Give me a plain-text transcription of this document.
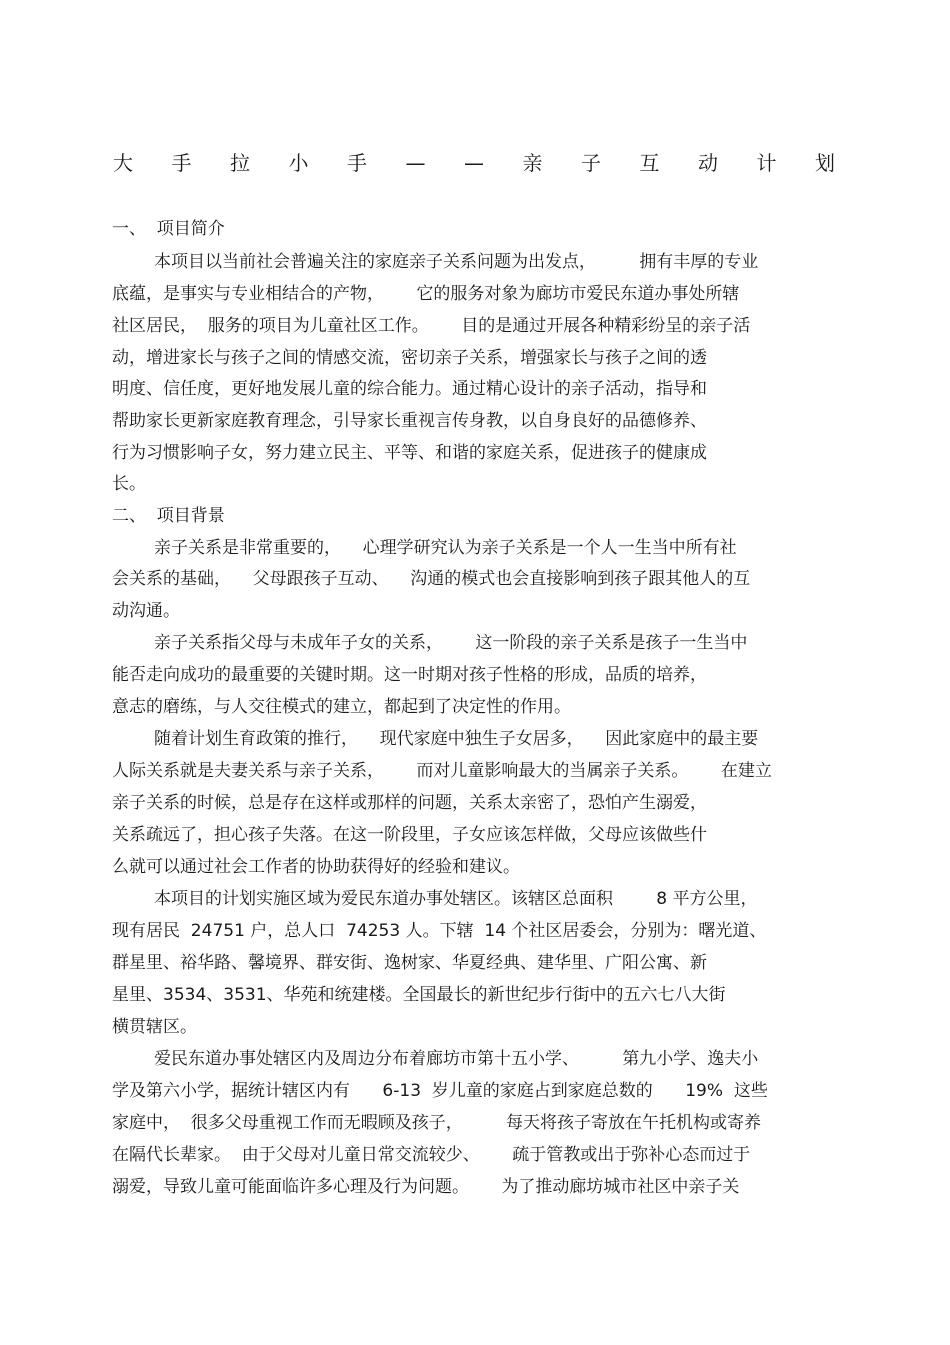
大 手 拉 小 手 — — 亲 子 互 动 计 划
一、  项目简介
本项目以当前社会普遍关注的家庭亲子关系问题为出发点，        拥有丰厚的专业
底蕴，是事实与专业相结合的产物，      它的服务对象为廊坊市爱民东道办事处所辖
社区居民，  服务的项目为儿童社区工作。      目的是通过开展各种精彩纷呈的亲子活
动，增进家长与孩子之间的情感交流，密切亲子关系，增强家长与孩子之间的透
明度、信任度，更好地发展儿童的综合能力。通过精心设计的亲子活动，指导和
帮助家长更新家庭教育理念，引导家长重视言传身教，以自身良好的品德修养、
行为习惯影响子女，努力建立民主、平等、和谐的家庭关系，促进孩子的健康成
长。
二、  项目背景
亲子关系是非常重要的，    心理学研究认为亲子关系是一个人一生当中所有社
会关系的基础，    父母跟孩子互动、    沟通的模式也会直接影响到孩子跟其他人的互
动沟通。
亲子关系指父母与未成年子女的关系，      这一阶段的亲子关系是孩子一生当中
能否走向成功的最重要的关键时期。这一时期对孩子性格的形成，品质的培养，
意志的磨练，与人交往模式的建立，都起到了决定性的作用。
随着计划生育政策的推行，    现代家庭中独生子女居多，    因此家庭中的最主要
人际关系就是夫妻关系与亲子关系，      而对儿童影响最大的当属亲子关系。      在建立
亲子关系的时候，总是存在这样或那样的问题，关系太亲密了，恐怕产生溺爱，
关系疏远了，担心孩子失落。在这一阶段里，子女应该怎样做，父母应该做些什
么就可以通过社会工作者的协助获得好的经验和建议。
本项目的计划实施区域为爱民东道办事处辖区。该辖区总面积        8 平方公里，
现有居民  24751 户，总人口  74253 人。下辖  14 个社区居委会，分别为：曙光道、
群星里、裕华路、馨境界、群安街、逸树家、华夏经典、建华里、广阳公寓、新
星里、3534、3531、华苑和统建楼。全国最长的新世纪步行街中的五六七八大街
横贯辖区。
爱民东道办事处辖区内及周边分布着廊坊市第十五小学、        第九小学、逸夫小
学及第六小学，据统计辖区内有      6-13  岁儿童的家庭占到家庭总数的      19%  这些
家庭中，  很多父母重视工作而无暇顾及孩子，        每天将孩子寄放在午托机构或寄养
在隔代长辈家。  由于父母对儿童日常交流较少、      疏于管教或出于弥补心态而过于
溺爱，导致儿童可能面临许多心理及行为问题。      为了推动廊坊城市社区中亲子关
